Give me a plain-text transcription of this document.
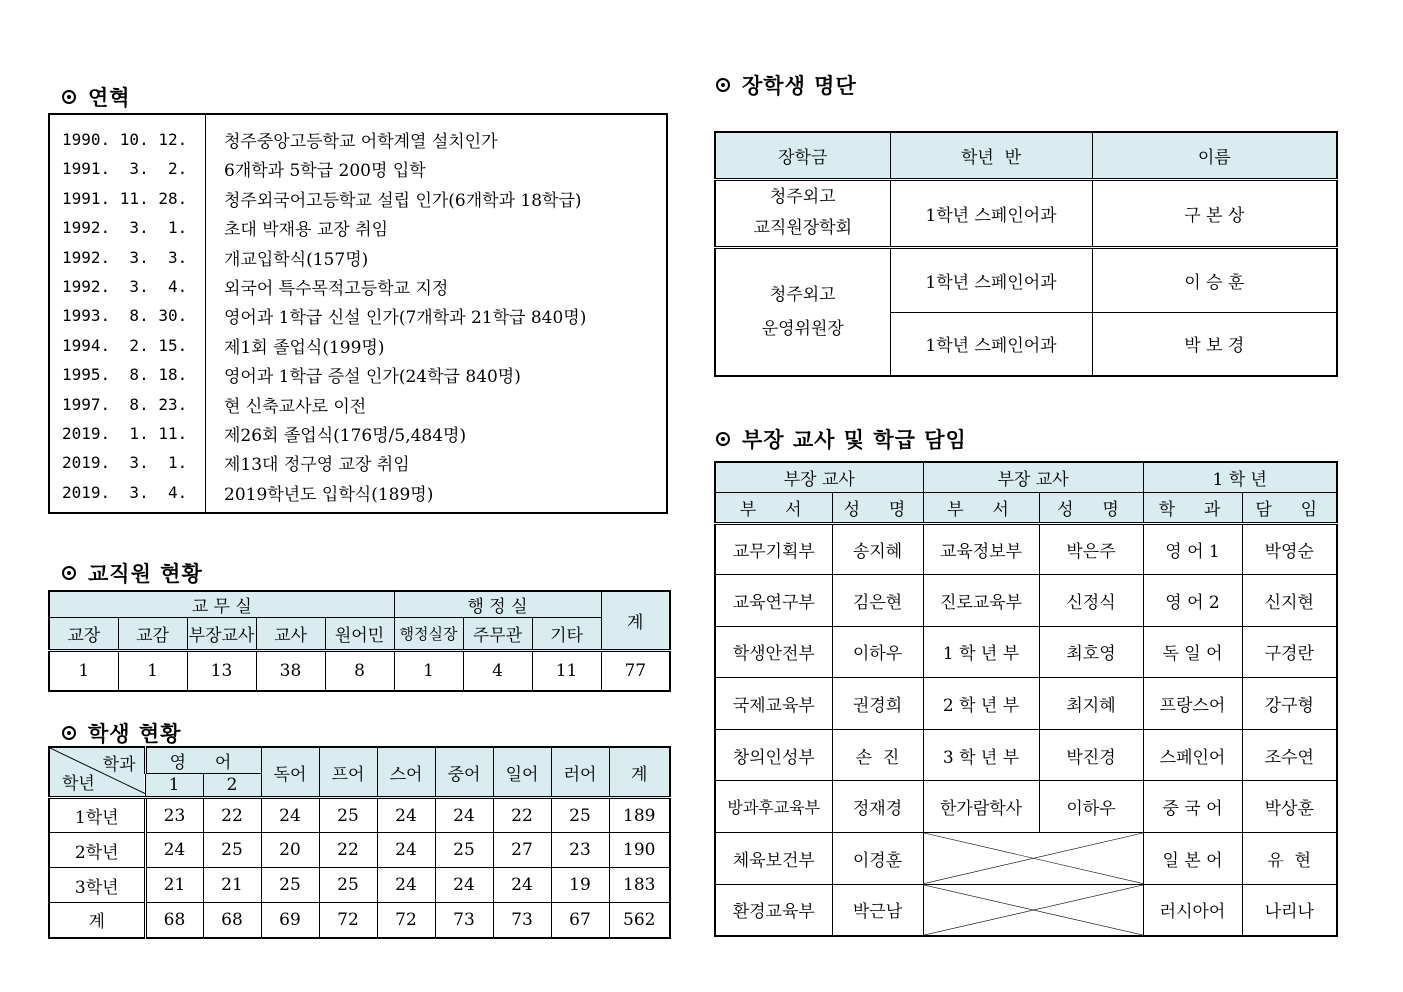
연혁
1990. 10. 12.	청주중앙고등학교 어학계열 설치인가
1991.  3.  2.	6개학과 5학급 200명 입학
1991. 11. 28.	청주외국어고등학교 설립 인가(6개학과 18학급)
1992.  3.  1.	초대 박재용 교장 취임
1992.  3.  3.	개교입학식(157명)
1992.  3.  4.	외국어 특수목적고등학교 지정
1993.  8. 30.	영어과 1학급 신설 인가(7개학과 21학급 840명)
1994.  2. 15.	제1회 졸업식(199명)
1995.  8. 18.	영어과 1학급 증설 인가(24학급 840명)
1997.  8. 23.	현 신축교사로 이전
2019.  1. 11.	제26회 졸업식(176명/5,484명)
2019.  3.  1.	제13대 정구영 교장 취임
2019.  3.  4.	2019학년도 입학식(189명)
교직원 현황
교 무 실					행 정 실			계
교장	교감	부장교사	교사	원어민	행정실장	주무관	기타	
1	1	13	38	8	1	4	11	77
학생 현황
학과
학년	영  어		독어	프어	스어	중어	일어	러어	계
	1	2							
1학년	23	22	24	25	24	24	22	25	189
2학년	24	25	20	22	24	25	27	23	190
3학년	21	21	25	25	24	24	24	19	183
계	68	68	69	72	72	73	73	67	562
장학생 명단
장학금	학년  반	이름

청주외고
교직원장학회	1학년 스페인어과	구 본 상

청주외고
운영위원장	1학년 스페인어과	이 승 훈
	1학년 스페인어과	박 보 경
부장 교사 및 학급 담임
부장 교사		부장 교사		1 학 년	
부  서	성  명	부  서	성  명	학  과	담  임
교무기획부	송지혜	교육정보부	박은주	영 어 1	박영순
교육연구부	김은현	진로교육부	신정식	영 어 2	신지현
학생안전부	이하우	1 학 년 부	최호영	독 일 어	구경란
국제교육부	권경희	2 학 년 부	최지혜	프랑스어	강구형
창의인성부	손  진	3 학 년 부	박진경	스페인어	조수연
방과후교육부	정재경	한가람학사	이하우	중 국 어	박상훈
체육보건부	이경훈			일 본 어	유  현
환경교육부	박근남			러시아어	나리나
